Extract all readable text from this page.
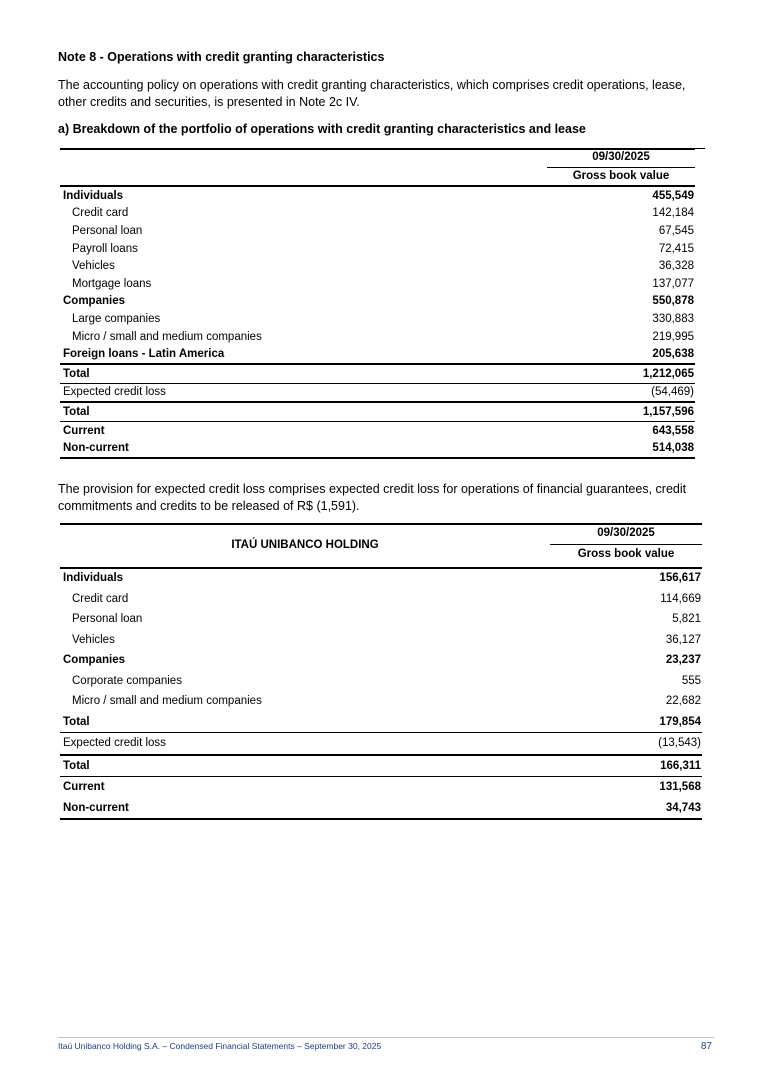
Note 8 - Operations with credit granting characteristics
The accounting policy on operations with credit granting characteristics, which comprises credit operations, lease, other credits and securities, is presented in Note 2c IV.
a) Breakdown of the portfolio of operations with credit granting characteristics and lease
09/30/2025
Gross book value
Individuals	455,549
Credit card	142,184
Personal loan	67,545
Payroll loans	72,415
Vehicles	36,328
Mortgage loans	137,077
Companies	550,878
Large companies	330,883
Micro / small and medium companies	219,995
Foreign loans - Latin America	205,638
Total	1,212,065
Expected credit loss	(54,469)
Total	1,157,596
Current	643,558
Non-current	514,038
The provision for expected credit loss comprises expected credit loss for operations of financial guarantees, credit commitments and credits to be released of R$ (1,591).
ITAÚ UNIBANCO HOLDING
09/30/2025
Gross book value
Individuals	156,617
Credit card	114,669
Personal loan	5,821
Vehicles	36,127
Companies	23,237
Corporate companies	555
Micro / small and medium companies	22,682
Total	179,854
Expected credit loss	(13,543)
Total	166,311
Current	131,568
Non-current	34,743
Itaú Unibanco Holding S.A. – Condensed Financial Statements – September 30, 2025	87
